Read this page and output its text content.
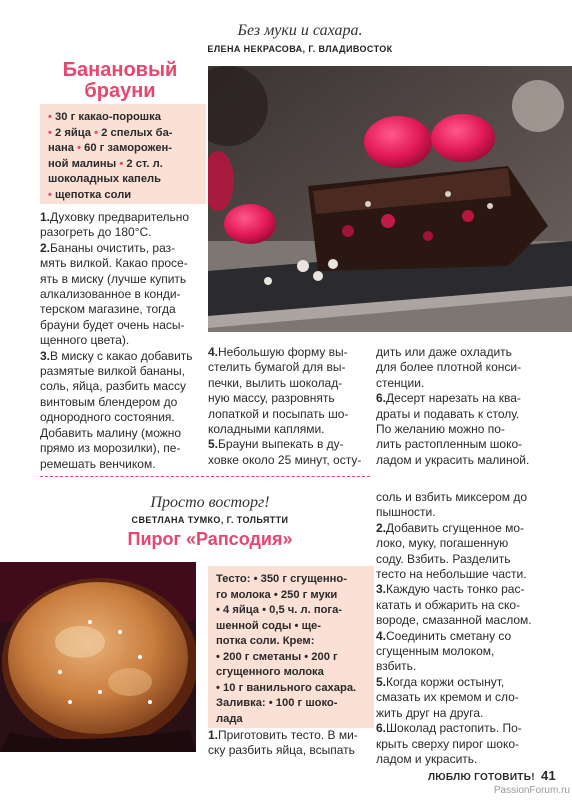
Без муки и сахара.
ЕЛЕНА НЕКРАСОВА, Г. ВЛАДИВОСТОК
Банановый
брауни
• 30 г какао-порошка
• 2 яйца • 2 спелых ба-
нана • 60 г заморожен-
ной малины • 2 ст. л.
шоколадных капель
• щепотка соли

1.Духовку предварительно

разогреть до 180°C.

2.Бананы очистить, раз-

мять вилкой. Какао просе-

ять в миску (лучше купить

алкализованное в конди-

терском магазине, тогда

брауни будет очень насы-

щенного цвета).

3.В миску с какао добавить

размятые вилкой бананы,

соль, яйца, разбить массу

винтовым блендером до

однородного состояния.

Добавить малину (можно

прямо из морозилки), пе-

ремешать венчиком.

4.Небольшую форму вы-

стелить бумагой для вы-

печки, вылить шоколад-

ную массу, разровнять

лопаткой и посыпать шо-

коладными каплями.

5.Брауни выпекать в ду-

ховке около 25 минут, осту-

дить или даже охладить

для более плотной конси-

стенции.

6.Десерт нарезать на ква-

драты и подавать к столу.

По желанию можно по-

лить растопленным шоко-

ладом и украсить малиной.

Просто восторг!
СВЕТЛАНА ТУМКО, Г. ТОЛЬЯТТИ
Пирог «Рапсодия»
Тесто: • 350 г сгущенно-
го молока • 250 г муки
• 4 яйца • 0,5 ч. л. пога-
шенной соды • ще-
потка соли. Крем:
• 200 г сметаны • 200 г
сгущенного молока
• 10 г ванильного сахара.
Заливка: • 100 г шоко-
лада

1.Приготовить тесто. В ми-

ску разбить яйца, всыпать

соль и взбить миксером до

пышности.

2.Добавить сгущенное мо-

локо, муку, погашенную

соду. Взбить. Разделить

тесто на небольшие части.

3.Каждую часть тонко рас-

катать и обжарить на ско-

вороде, смазанной маслом.

4.Соединить сметану со

сгущенным молоком,

взбить.

5.Когда коржи остынут,

смазать их кремом и сло-

жить друг на друга.

6.Шоколад растопить. По-

крыть сверху пирог шоко-

ладом и украсить.

ЛЮБЛЮ ГОТОВИТЬ! 41
PassionForum.ru
